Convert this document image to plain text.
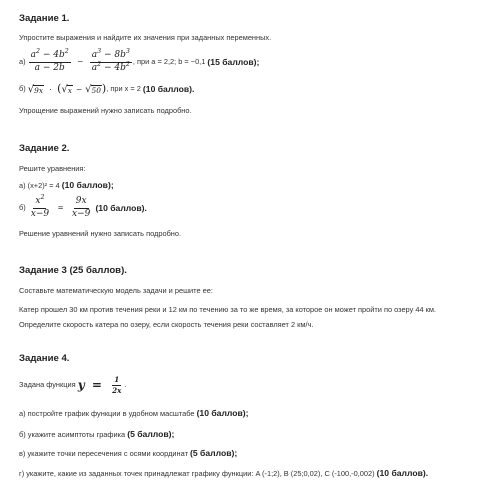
Задание 1.

Упростите выражения и найдите их значения при заданных переменных.
а)
$\frac{a^2 - 4b^2}{a - 2b} - \frac{a^3 - 8b^3}{a^2 - 4b^2}$ , при a = 2,2; b = −0,1
(15 баллов);
б)
√ 9x · ( √ x − √ 50 ) , при x = 2
(10 баллов).
Упрощение выражений нужно записать подробно.

Задание 2.

Решите уравнения:
а) (x+2)² = 4 (10 баллов);
б)
$\frac{x^2}{x-9} = \frac{9x}{x-9}$
(10 баллов).
Решение уравнений нужно записать подробно.

Задание 3 (25 баллов).

Составьте математическую модель задачи и решите ее:
Катер прошел 30 км против течения реки и 12 км по течению за то же время, за которое он может пройти по озеру 44 км.
Определите скорость катера по озеру, если скорость течения реки составляет 2 км/ч.

Задание 4.

Задана функция
$y = \frac{1}{2x}$ .
а) постройте график функции в удобном масштабе (10 баллов);
б) укажите асимптоты графика (5 баллов);
в) укажите точки пересечения с осями координат (5 баллов);
г) укажите, какие из заданных точек принадлежат графику функции: A (-1;2), B (25;0,02), C (-100,-0,002) (10 баллов).
